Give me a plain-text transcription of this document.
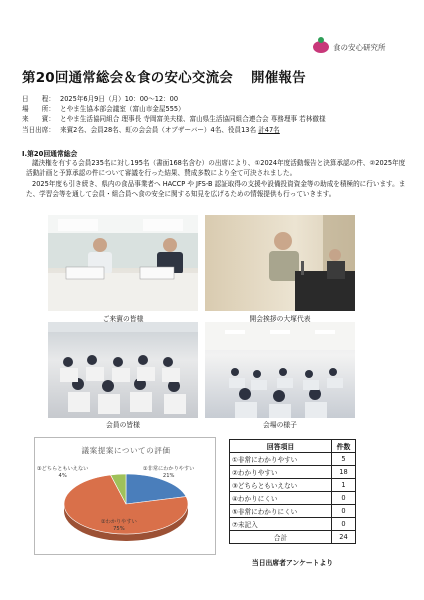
食の安心研究所
第20回通常総会＆食の安心交流会 開催報告
日　　程： 2025年6月9日（月）10：00～12：00
場　　所： とやま生協本部会議室（富山市金屋555）
来　　賓： とやま生活協同組合 理事長 寺岡富美夫様、富山県生活協同組合連合会 専務理事 若林徹様
当日出席： 来賓2名、会員28名、虹の会会員（オブザーバー）4名、役員13名 計47名
Ⅰ.第20回通常総会

議決権を有する会員235名に対し195名（書面168名含む）の出席により、①2024年度活動報告と決算承認の件、②2025年度活動計画と予算承認の件について審議を行った結果、賛成多数により全て可決されました。

2025年度も引き続き、県内の食品事業者へ HACCP や JFS-B 認証取得の支援や設備投資資金等の助成を積極的に行います。また、学習会等を通して会員・組合員へ食の安全に関する知見を広げるための情報提供も行っていきます。

ご来賓の皆様	開会挨拶の大塚代表
会員の皆様	会場の様子
議案提案についての評価
③どちらともいえない
4%
①非常にわかりやすい
21%
②わかりやすい
75%
回答項目	件数
①非常にわかりやすい	5
②わかりやすい	18
③どちらともいえない	1
④わかりにくい	0
⑤非常にわかりにくい	0
⑦未記入	0
合計	24
当日出席者アンケートより
